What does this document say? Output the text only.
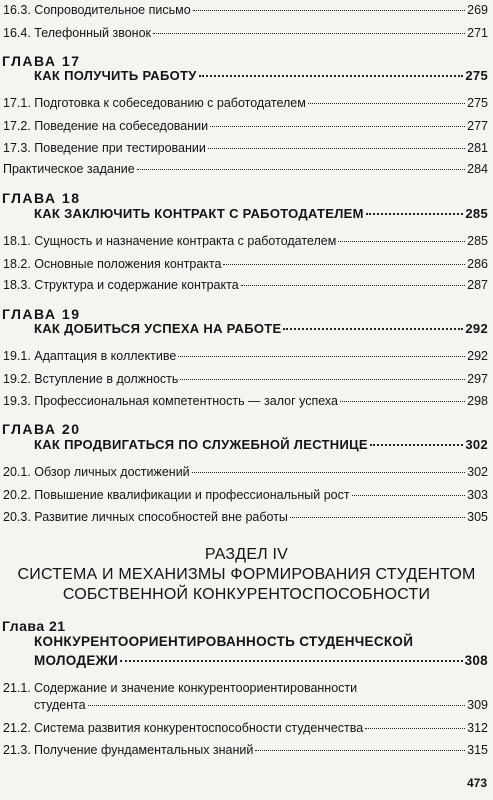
16.3. Сопроводительное письмо	269
16.4. Телефонный звонок	271
ГЛАВА 17
КАК ПОЛУЧИТЬ РАБОТУ	275
17.1. Подготовка к собеседованию с работодателем	275
17.2. Поведение на собеседовании	277
17.3. Поведение при тестировании	281
Практическое задание	284
ГЛАВА 18
КАК ЗАКЛЮЧИТЬ КОНТРАКТ С РАБОТОДАТЕЛЕМ	285
18.1. Сущность и назначение контракта с работодателем	285
18.2. Основные положения контракта	286
18.3. Структура и содержание контракта	287
ГЛАВА 19
КАК ДОБИТЬСЯ УСПЕХА НА РАБОТЕ	292
19.1. Адаптация в коллективе	292
19.2. Вступление в должность	297
19.3. Профессиональная компетентность — залог успеха	298
ГЛАВА 20
КАК ПРОДВИГАТЬСЯ ПО СЛУЖЕБНОЙ ЛЕСТНИЦЕ	302
20.1. Обзор личных достижений	302
20.2. Повышение квалификации и профессиональный рост	303
20.3. Развитие личных способностей вне работы	305
РАЗДЕЛ IV
СИСТЕМА И МЕХАНИЗМЫ ФОРМИРОВАНИЯ СТУДЕНТОМ
СОБСТВЕННОЙ КОНКУРЕНТОСПОСОБНОСТИ
Глава 21
КОНКУРЕНТООРИЕНТИРОВАННОСТЬ СТУДЕНЧЕСКОЙ
МОЛОДЕЖИ	308
21.1. Содержание и значение конкурентоориентированности
студента	309
21.2. Система развития конкурентоспособности студенчества	312
21.3. Получение фундаментальных знаний	315
473
